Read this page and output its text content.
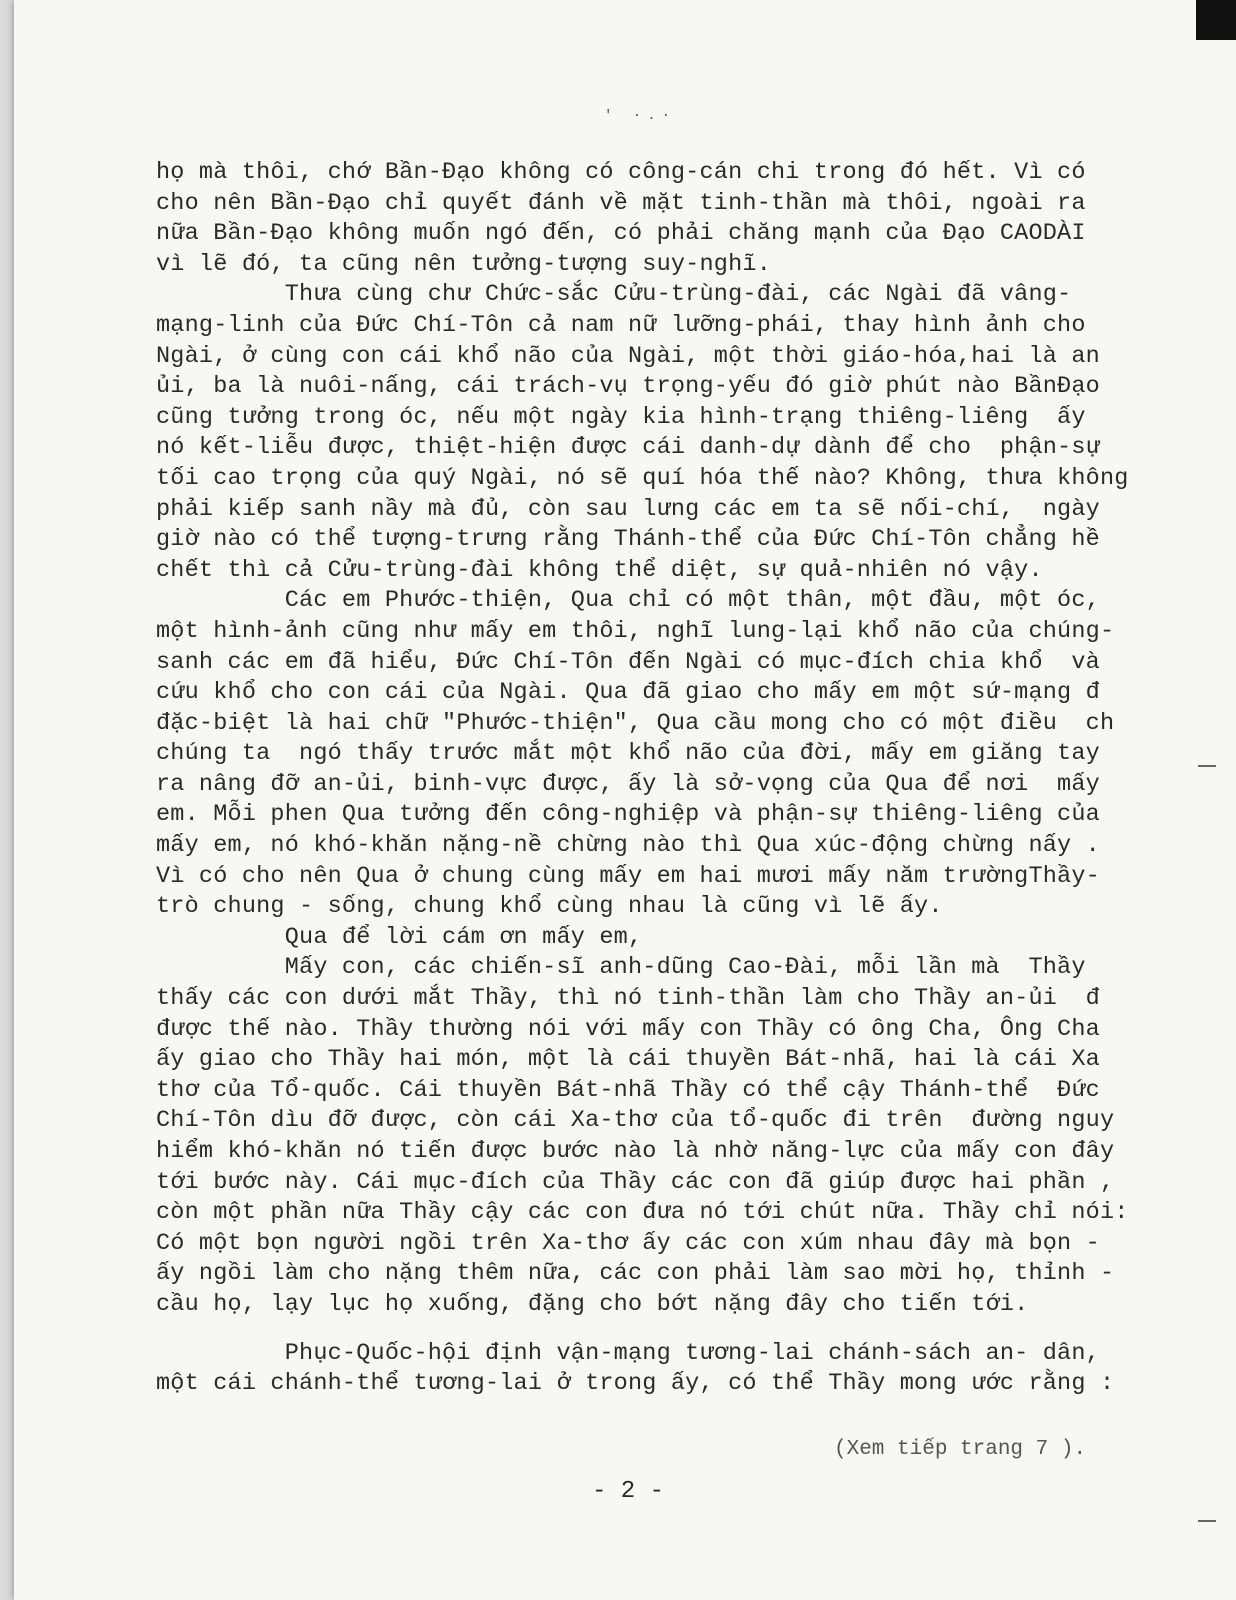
' ·.·
họ mà thôi, chớ Bần-Đạo không có công-cán chi trong đó hết. Vì có
cho nên Bần-Đạo chỉ quyết đánh về mặt tinh-thần mà thôi, ngoài ra
nữa Bần-Đạo không muốn ngó đến, có phải chăng mạnh của Đạo CAODÀI
vì lẽ đó, ta cũng nên tưởng-tượng suy-nghĩ.
Thưa cùng chư Chức-sắc Cửu-trùng-đài, các Ngài đã vâng-
mạng-linh của Đức Chí-Tôn cả nam nữ lưỡng-phái, thay hình ảnh cho
Ngài, ở cùng con cái khổ não của Ngài, một thời giáo-hóa,hai là an
ủi, ba là nuôi-nấng, cái trách-vụ trọng-yếu đó giờ phút nào BầnĐạo
cũng tưởng trong óc, nếu một ngày kia hình-trạng thiêng-liêng  ấy
nó kết-liễu được, thiệt-hiện được cái danh-dự dành để cho  phận-sự
tối cao trọng của quý Ngài, nó sẽ quí hóa thế nào? Không, thưa không
phải kiếp sanh nầy mà đủ, còn sau lưng các em ta sẽ nối-chí,  ngày
giờ nào có thể tượng-trưng rằng Thánh-thể của Đức Chí-Tôn chẳng hề
chết thì cả Cửu-trùng-đài không thể diệt, sự quả-nhiên nó vậy.
Các em Phước-thiện, Qua chỉ có một thân, một đầu, một óc,
một hình-ảnh cũng như mấy em thôi, nghĩ lung-lại khổ não của chúng-
sanh các em đã hiểu, Đức Chí-Tôn đến Ngài có mục-đích chia khổ  và
cứu khổ cho con cái của Ngài. Qua đã giao cho mấy em một sứ-mạng đ
đặc-biệt là hai chữ "Phước-thiện", Qua cầu mong cho có một điều  ch
chúng ta  ngó thấy trước mắt một khổ não của đời, mấy em giăng tay
ra nâng đỡ an-ủi, binh-vực được, ấy là sở-vọng của Qua để nơi  mấy
em. Mỗi phen Qua tưởng đến công-nghiệp và phận-sự thiêng-liêng của
mấy em, nó khó-khăn nặng-nề chừng nào thì Qua xúc-động chừng nấy .
Vì có cho nên Qua ở chung cùng mấy em hai mươi mấy năm trườngThầy-
trò chung - sống, chung khổ cùng nhau là cũng vì lẽ ấy.
Qua để lời cám ơn mấy em,
Mấy con, các chiến-sĩ anh-dũng Cao-Đài, mỗi lần mà  Thầy
thấy các con dưới mắt Thầy, thì nó tinh-thần làm cho Thầy an-ủi  đ
được thế nào. Thầy thường nói với mấy con Thầy có ông Cha, Ông Cha
ấy giao cho Thầy hai món, một là cái thuyền Bát-nhã, hai là cái Xa
thơ của Tổ-quốc. Cái thuyền Bát-nhã Thầy có thể cậy Thánh-thể  Đức
Chí-Tôn dìu đỡ được, còn cái Xa-thơ của tổ-quốc đi trên  đường nguy
hiểm khó-khăn nó tiến được bước nào là nhờ năng-lực của mấy con đây
tới bước này. Cái mục-đích của Thầy các con đã giúp được hai phần ,
còn một phần nữa Thầy cậy các con đưa nó tới chút nữa. Thầy chỉ nói:
Có một bọn người ngồi trên Xa-thơ ấy các con xúm nhau đây mà bọn -
ấy ngồi làm cho nặng thêm nữa, các con phải làm sao mời họ, thỉnh -
cầu họ, lạy lục họ xuống, đặng cho bớt nặng đây cho tiến tới.
Phục-Quốc-hội định vận-mạng tương-lai chánh-sách an- dân,
một cái chánh-thể tương-lai ở trong ấy, có thể Thầy mong ước rằng :
(Xem tiếp trang 7 ).
- 2 -
